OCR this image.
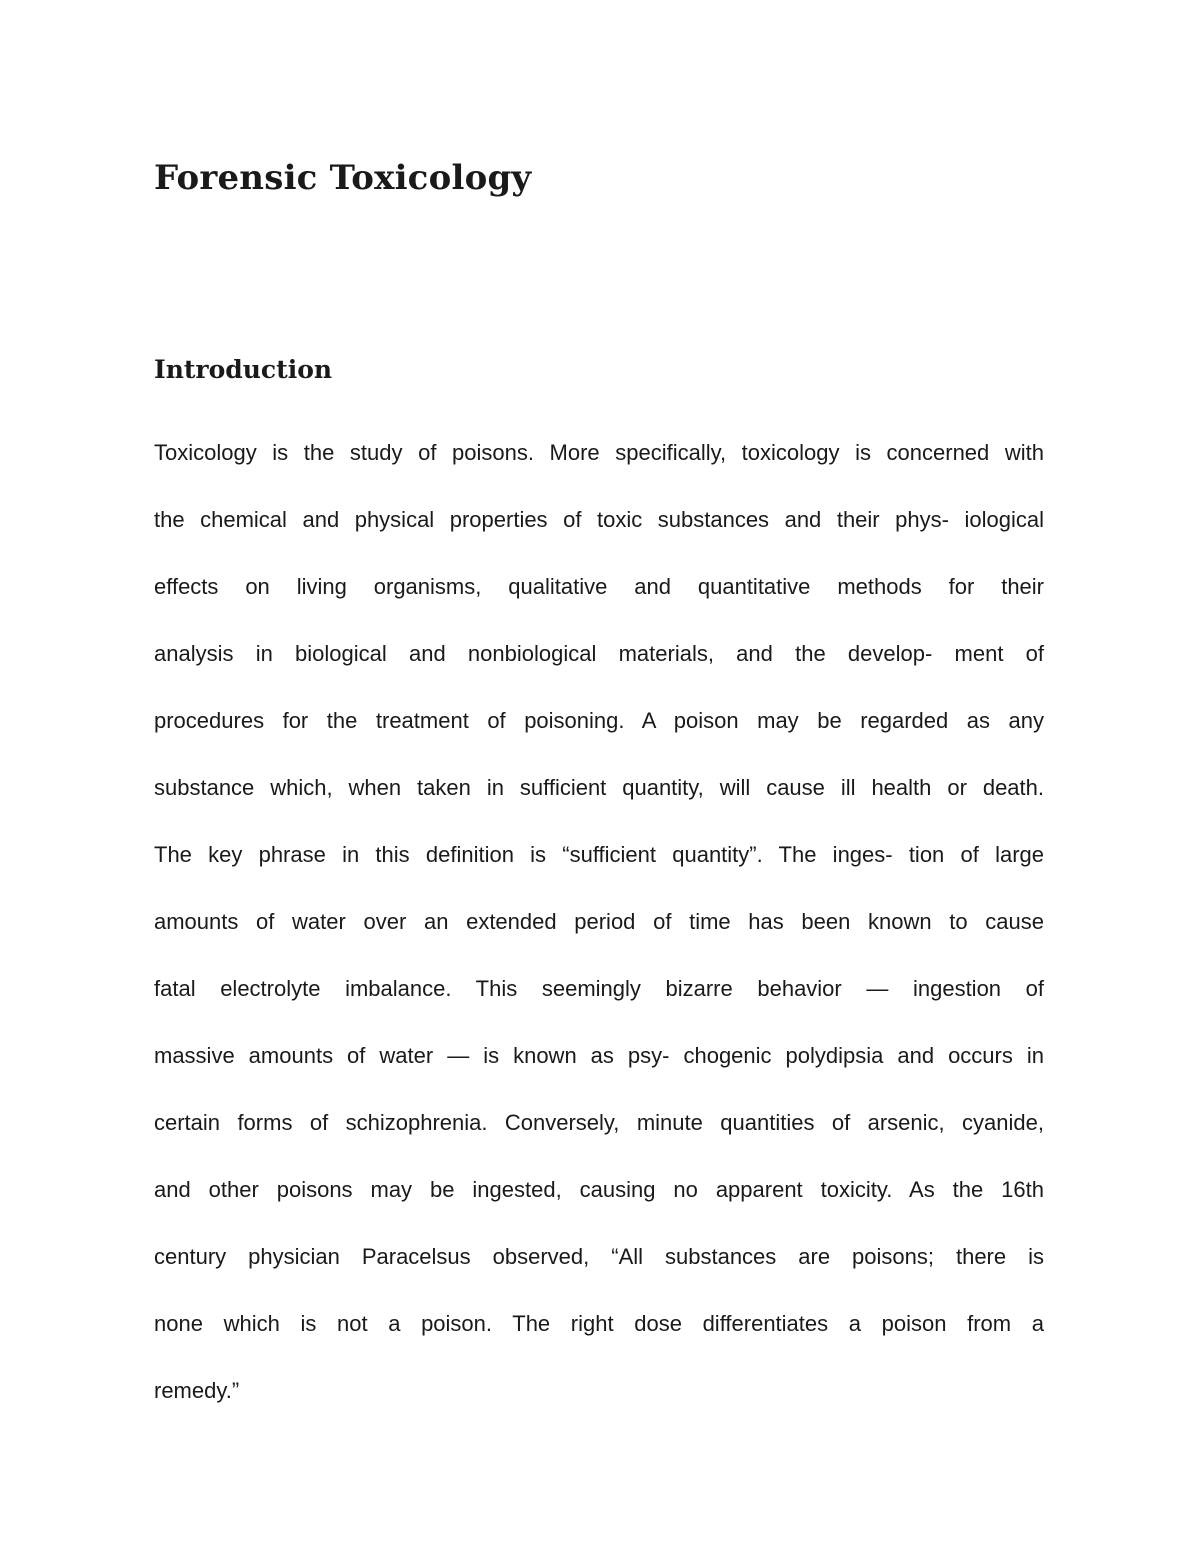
Forensic Toxicology
Introduction
Toxicology is the study of poisons. More specifically, toxicology is concerned with
the chemical and physical properties of toxic substances and their phys- iological
effects on living organisms, qualitative and quantitative methods for their
analysis in biological and nonbiological materials, and the develop- ment of
procedures for the treatment of poisoning. A poison may be regarded as any
substance which, when taken in sufficient quantity, will cause ill health or death.
The key phrase in this definition is “sufficient quantity”. The inges- tion of large
amounts of water over an extended period of time has been known to cause
fatal electrolyte imbalance. This seemingly bizarre behavior — ingestion of
massive amounts of water — is known as psy- chogenic polydipsia and occurs in
certain forms of schizophrenia. Conversely, minute quantities of arsenic, cyanide,
and other poisons may be ingested, causing no apparent toxicity. As the 16th
century physician Paracelsus observed, “All substances are poisons; there is
none which is not a poison. The right dose differentiates a poison from a
remedy.”
